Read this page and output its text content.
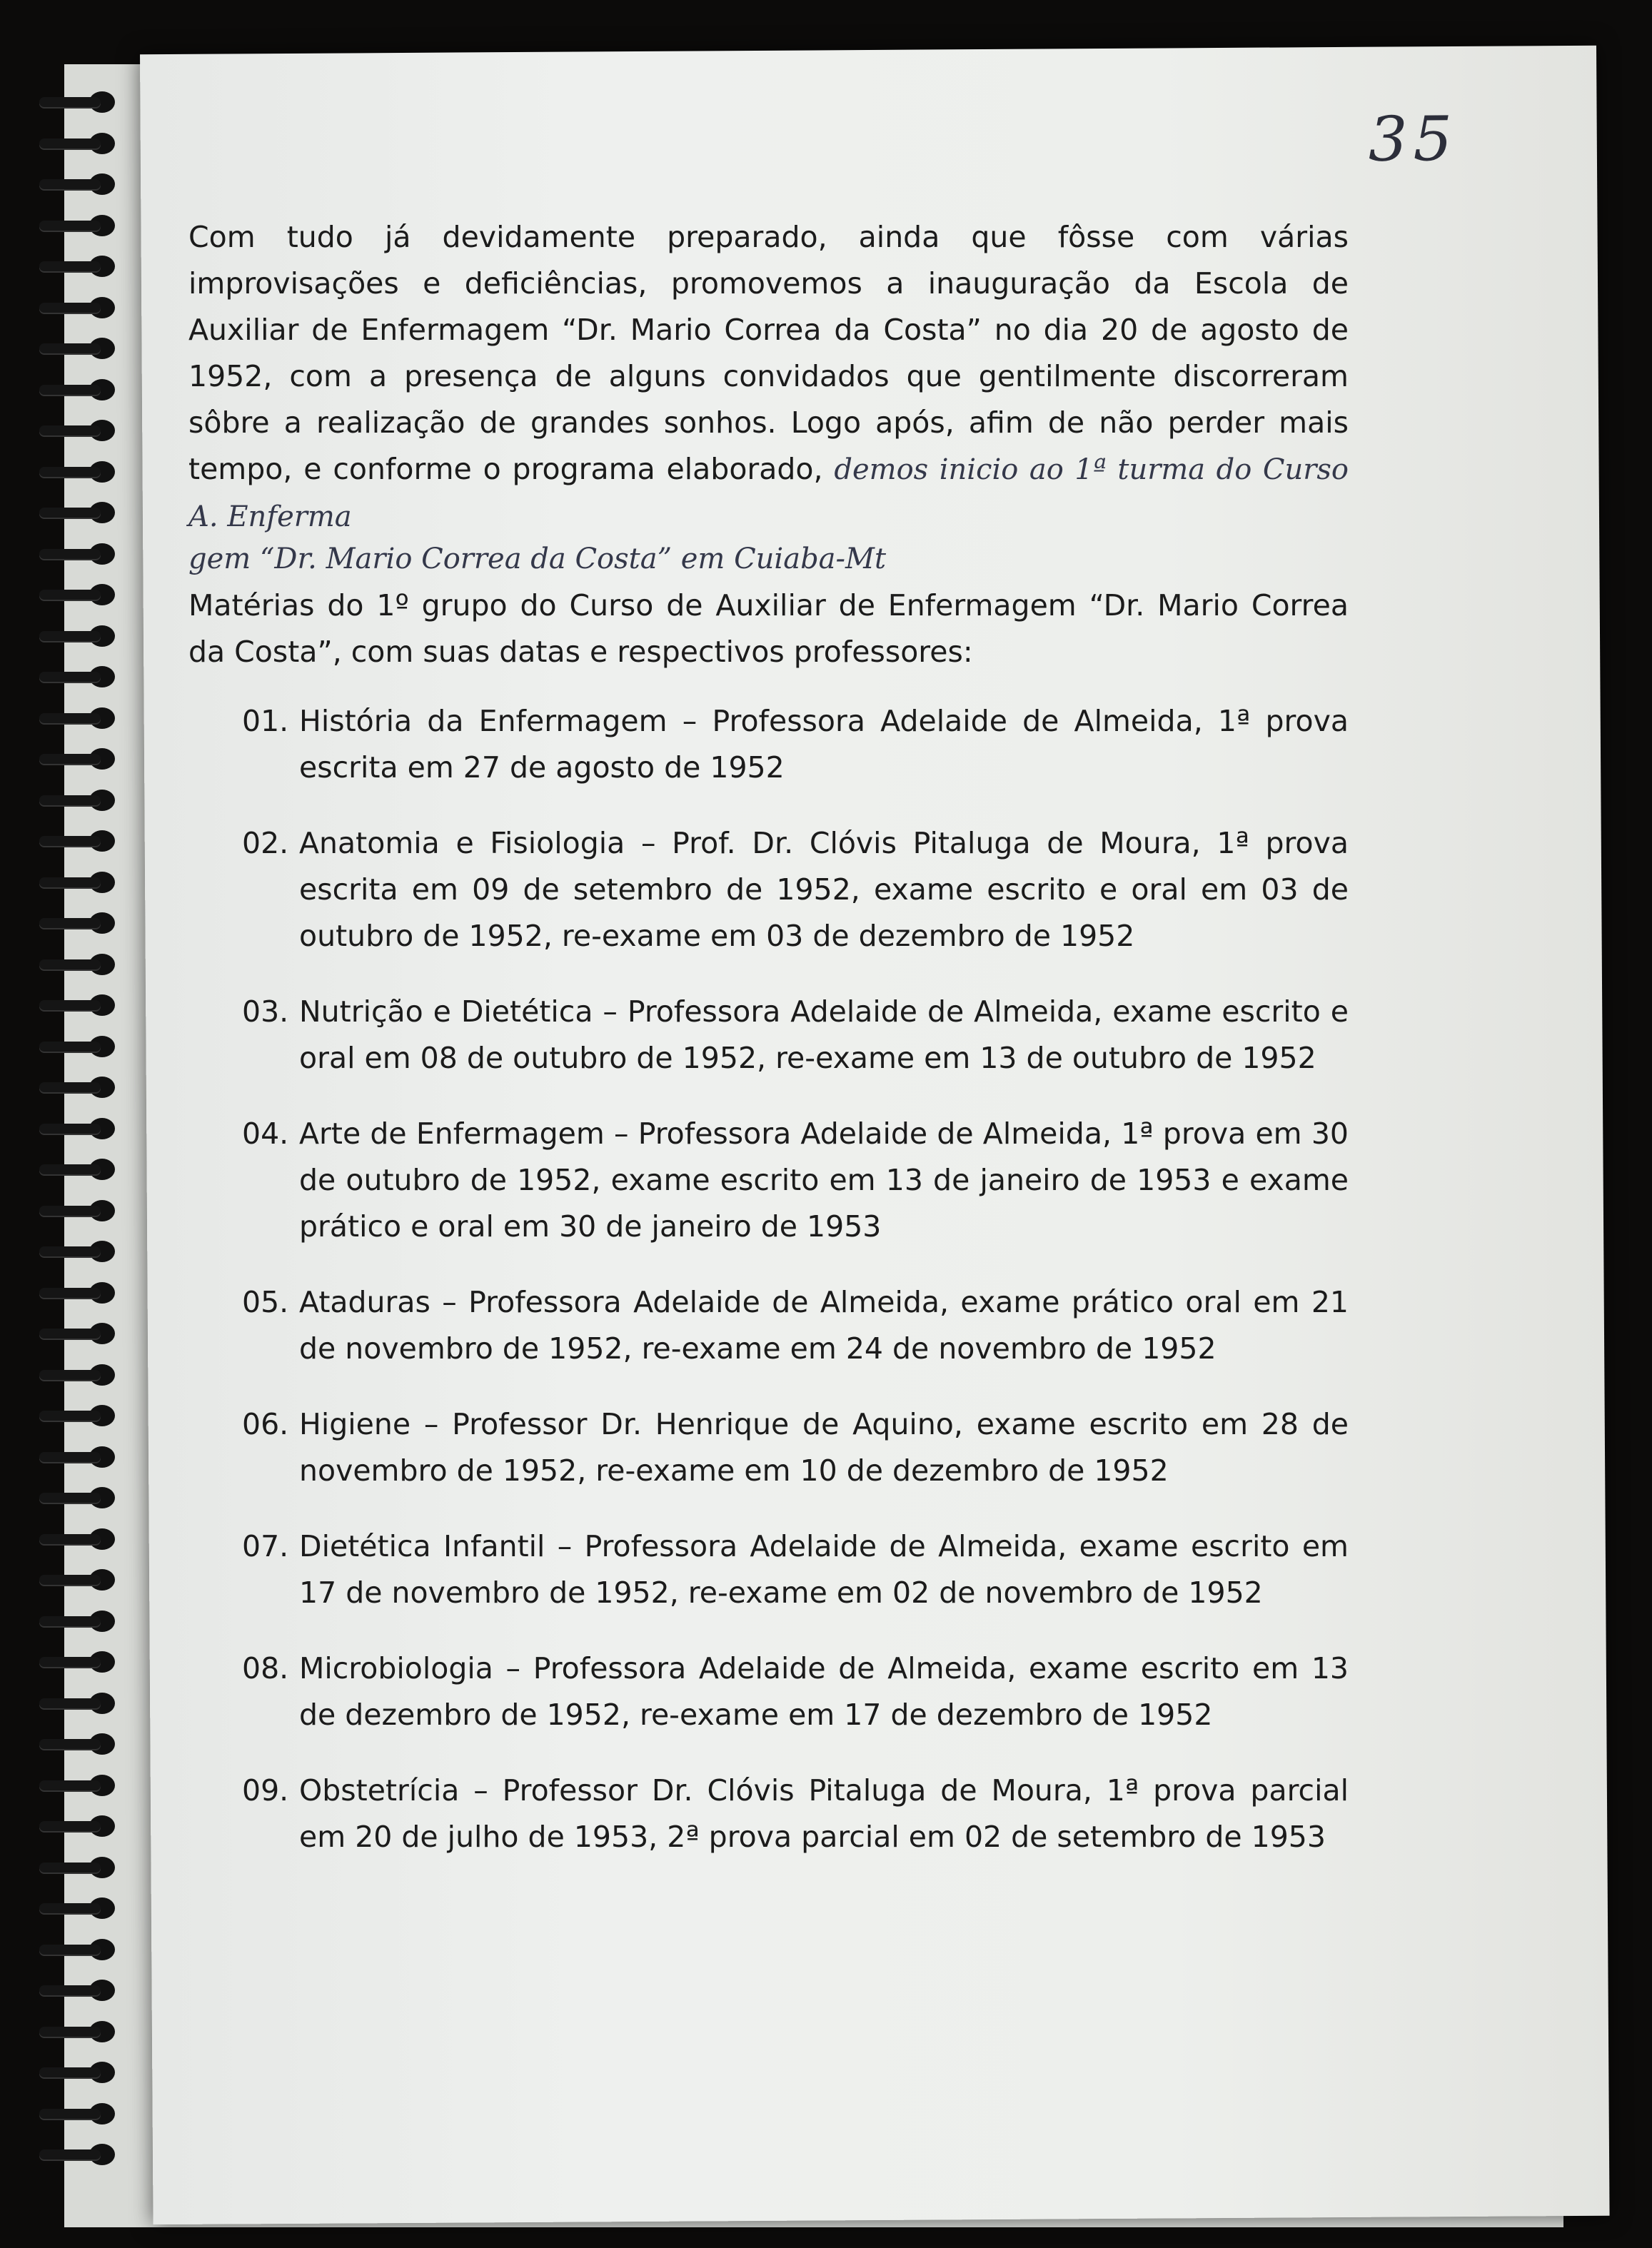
35
Com tudo já devidamente preparado, ainda que fôsse com várias improvisações e deficiências, promovemos a inauguração da Escola de Auxiliar de Enfermagem “Dr. Mario Correa da Costa” no dia 20 de agosto de 1952, com a presença de alguns convidados que gentilmente discorreram sôbre a realização de grandes sonhos. Logo após, afim de não perder mais tempo, e conforme o programa elaborado, demos inicio ao 1ª turma do Curso A. Enferma
gem “Dr. Mario Correa da Costa” em Cuiaba-Mt
Matérias do 1º grupo do Curso de Auxiliar de Enfermagem “Dr. Mario Correa da Costa”, com suas datas e respectivos professores:
01. História da Enfermagem – Professora Adelaide de Almeida, 1ª prova escrita em 27 de agosto de 1952
02. Anatomia e Fisiologia – Prof. Dr. Clóvis Pitaluga de Moura, 1ª prova escrita em 09 de setembro de 1952, exame escrito e oral em 03 de outubro de 1952, re-exame em 03 de dezembro de 1952
03. Nutrição e Dietética – Professora Adelaide de Almeida, exame escrito e oral em 08 de outubro de 1952, re-exame em 13 de outubro de 1952
04. Arte de Enfermagem – Professora Adelaide de Almeida, 1ª prova em 30 de outubro de 1952, exame escrito em 13 de janeiro de 1953 e exame prático e oral em 30 de janeiro de 1953
05. Ataduras – Professora Adelaide de Almeida, exame prático oral em 21 de novembro de 1952, re-exame em 24 de novembro de 1952
06. Higiene – Professor Dr. Henrique de Aquino, exame escrito em 28 de novembro de 1952, re-exame em 10 de dezembro de 1952
07. Dietética Infantil – Professora Adelaide de Almeida, exame escrito em 17 de novembro de 1952, re-exame em 02 de novembro de 1952
08. Microbiologia – Professora Adelaide de Almeida, exame escrito em 13 de dezembro de 1952, re-exame em 17 de dezembro de 1952
09. Obstetrícia – Professor Dr. Clóvis Pitaluga de Moura, 1ª prova parcial em 20 de julho de 1953, 2ª prova parcial em 02 de setembro de 1953
